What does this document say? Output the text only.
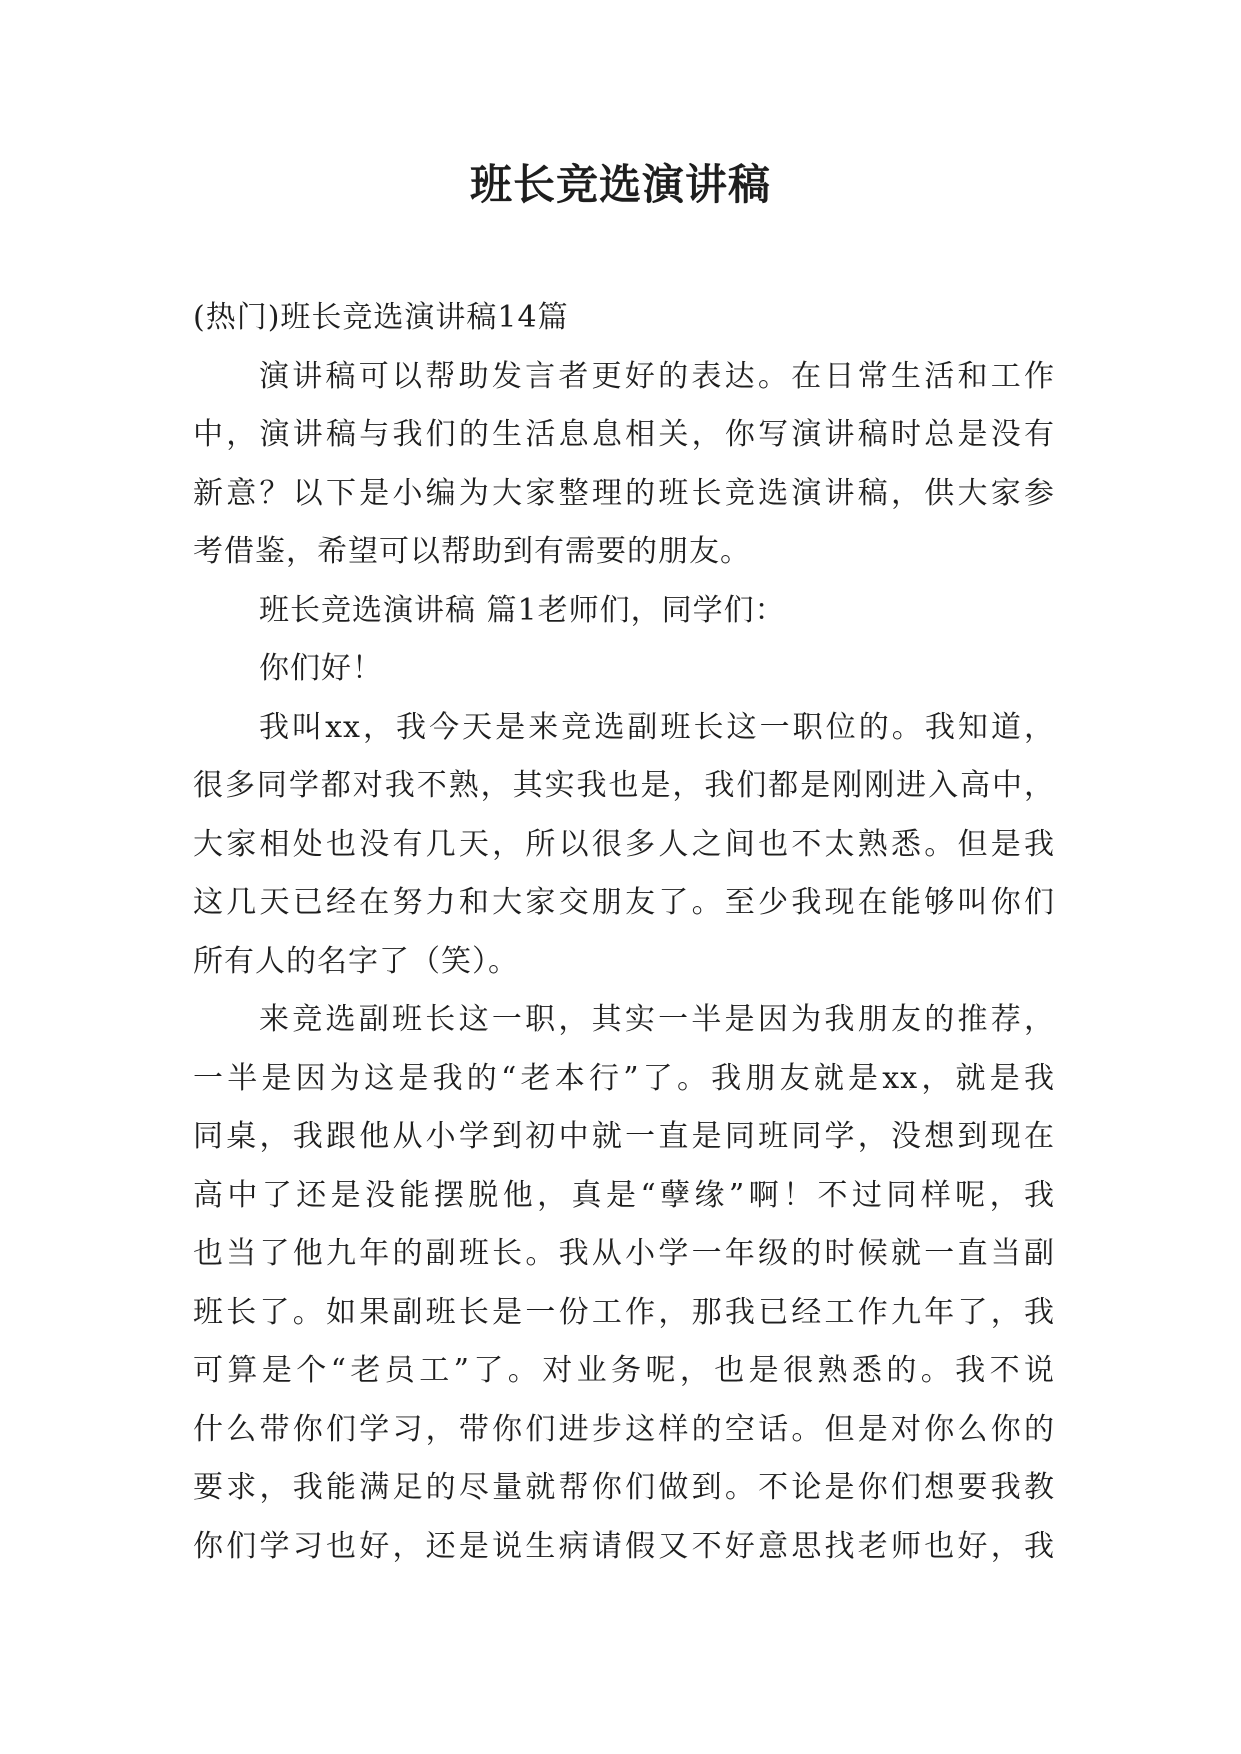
班长竞选演讲稿
(热门)班长竞选演讲稿14篇
演讲稿可以帮助发言者更好的表达。在日常生活和工作
中，演讲稿与我们的生活息息相关，你写演讲稿时总是没有
新意？以下是小编为大家整理的班长竞选演讲稿，供大家参
考借鉴，希望可以帮助到有需要的朋友。
班长竞选演讲稿 篇1老师们，同学们：
你们好！
我叫xx，我今天是来竞选副班长这一职位的。我知道，
很多同学都对我不熟，其实我也是，我们都是刚刚进入高中，
大家相处也没有几天，所以很多人之间也不太熟悉。但是我
这几天已经在努力和大家交朋友了。至少我现在能够叫你们
所有人的名字了（笑）。
来竞选副班长这一职，其实一半是因为我朋友的推荐，
一半是因为这是我的“老本行”了。我朋友就是xx，就是我
同桌，我跟他从小学到初中就一直是同班同学，没想到现在
高中了还是没能摆脱他，真是“孽缘”啊！不过同样呢，我
也当了他九年的副班长。我从小学一年级的时候就一直当副
班长了。如果副班长是一份工作，那我已经工作九年了，我
可算是个“老员工”了。对业务呢，也是很熟悉的。我不说
什么带你们学习，带你们进步这样的空话。但是对你么你的
要求，我能满足的尽量就帮你们做到。不论是你们想要我教
你们学习也好，还是说生病请假又不好意思找老师也好，我
